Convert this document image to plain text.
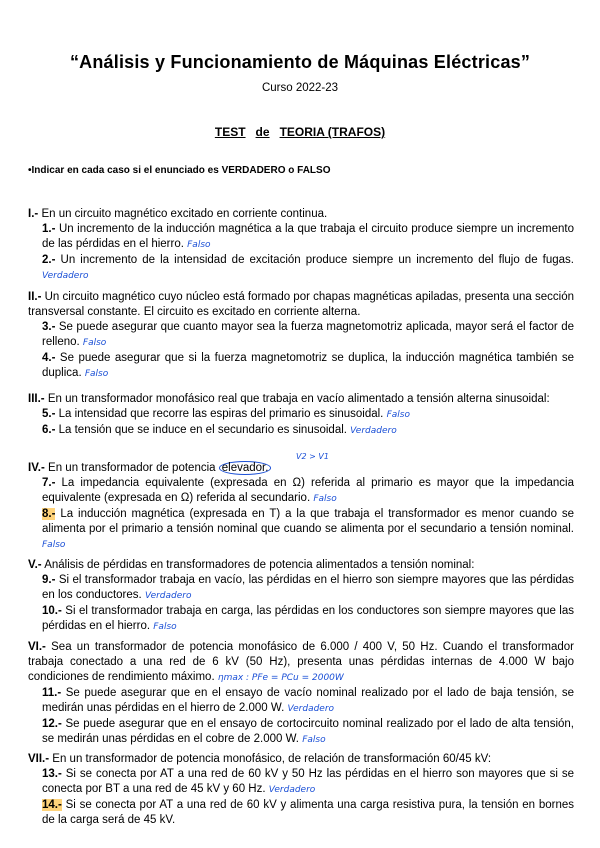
“Análisis y Funcionamiento de Máquinas Eléctricas”
Curso 2022-23
TEST de TEORIA (TRAFOS)
•Indicar en cada caso si el enunciado es VERDADERO o FALSO
I.- En un circuito magnético excitado en corriente continua.
1.- Un incremento de la inducción magnética a la que trabaja el circuito produce siempre un incremento de las pérdidas en el hierro. Falso
2.- Un incremento de la intensidad de excitación produce siempre un incremento del flujo de fugas. Verdadero
II.- Un circuito magnético cuyo núcleo está formado por chapas magnéticas apiladas, presenta una sección transversal constante. El circuito es excitado en corriente alterna.
3.- Se puede asegurar que cuanto mayor sea la fuerza magnetomotriz aplicada, mayor será el factor de relleno. Falso
4.- Se puede asegurar que si la fuerza magnetomotriz se duplica, la inducción magnética también se duplica. Falso
III.- En un transformador monofásico real que trabaja en vacío alimentado a tensión alterna sinusoidal:
5.- La intensidad que recorre las espiras del primario es sinusoidal. Falso
6.- La tensión que se induce en el secundario es sinusoidal. Verdadero
V2 > V1
IV.- En un transformador de potencia elevador.
7.- La impedancia equivalente (expresada en Ω) referida al primario es mayor que la impedancia equivalente (expresada en Ω) referida al secundario. Falso
8.- La inducción magnética (expresada en T) a la que trabaja el transformador es menor cuando se alimenta por el primario a tensión nominal que cuando se alimenta por el secundario a tensión nominal. Falso
V.- Análisis de pérdidas en transformadores de potencia alimentados a tensión nominal:
9.- Si el transformador trabaja en vacío, las pérdidas en el hierro son siempre mayores que las pérdidas en los conductores. Verdadero
10.- Si el transformador trabaja en carga, las pérdidas en los conductores son siempre mayores que las pérdidas en el hierro. Falso
VI.- Sea un transformador de potencia monofásico de 6.000 / 400 V, 50 Hz. Cuando el transformador trabaja conectado a una red de 6 kV (50 Hz), presenta unas pérdidas internas de 4.000 W bajo condiciones de rendimiento máximo. ηmax : PFe = PCu = 2000W
11.- Se puede asegurar que en el ensayo de vacío nominal realizado por el lado de baja tensión, se medirán unas pérdidas en el hierro de 2.000 W. Verdadero
12.- Se puede asegurar que en el ensayo de cortocircuito nominal realizado por el lado de alta tensión, se medirán unas pérdidas en el cobre de 2.000 W. Falso
VII.- En un transformador de potencia monofásico, de relación de transformación 60/45 kV:
13.- Si se conecta por AT a una red de 60 kV y 50 Hz las pérdidas en el hierro son mayores que si se conecta por BT a una red de 45 kV y 60 Hz. Verdadero
14.- Si se conecta por AT a una red de 60 kV y alimenta una carga resistiva pura, la tensión en bornes de la carga será de 45 kV.
